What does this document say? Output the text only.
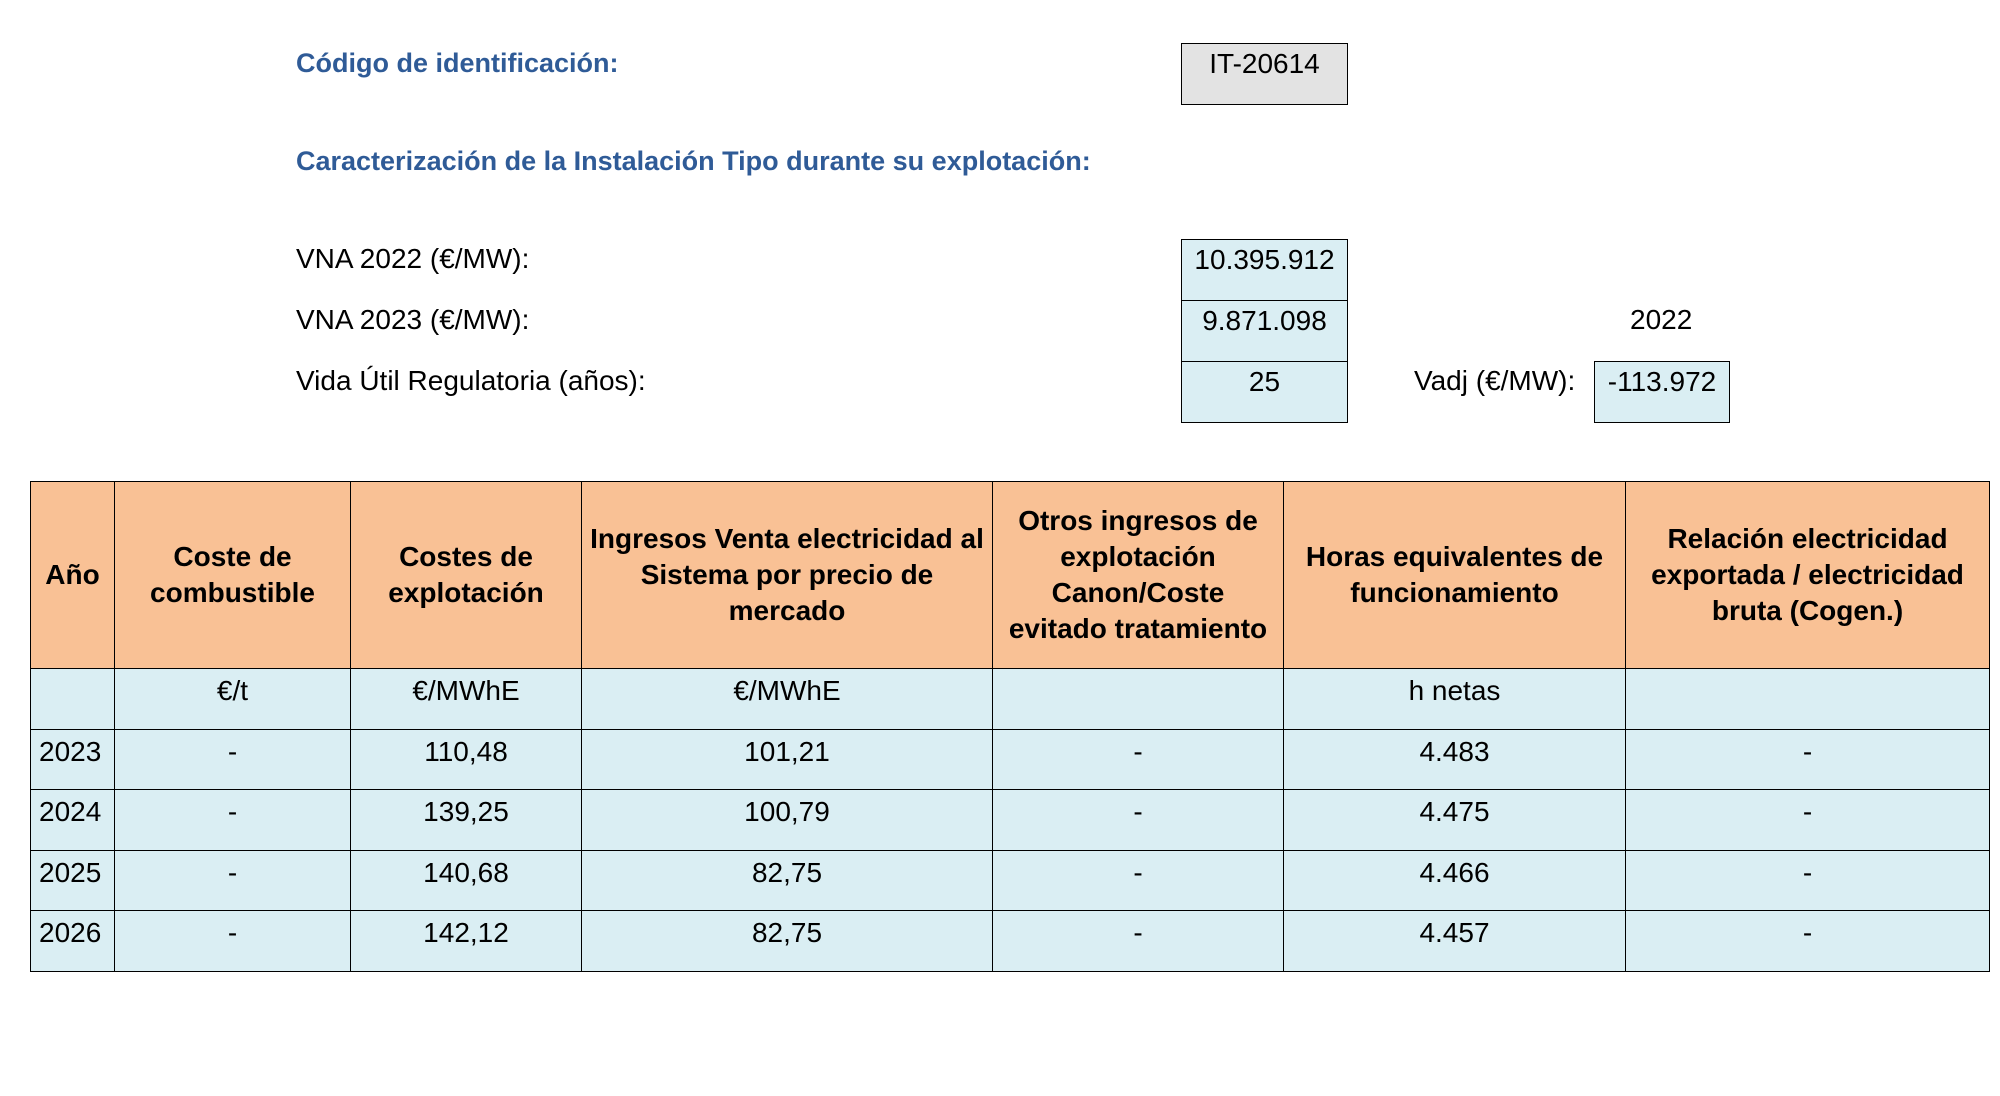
Código de identificación:	IT-20614
Caracterización de la Instalación Tipo durante su explotación:
VNA 2022 (€/MW):	10.395.912
VNA 2023 (€/MW):	9.871.098
Vida Útil Regulatoria (años):	25
2022
Vadj (€/MW):	-113.972
Año	Coste de combustible	Costes de explotación	Ingresos Venta electricidad al Sistema por precio de mercado	Otros ingresos de explotación Canon/Coste evitado tratamiento	Horas equivalentes de funcionamiento	Relación electricidad exportada / electricidad bruta (Cogen.)
	€/t	€/MWhE	€/MWhE		h netas	
2023	-	110,48	101,21	-	4.483	-
2024	-	139,25	100,79	-	4.475	-
2025	-	140,68	82,75	-	4.466	-
2026	-	142,12	82,75	-	4.457	-
